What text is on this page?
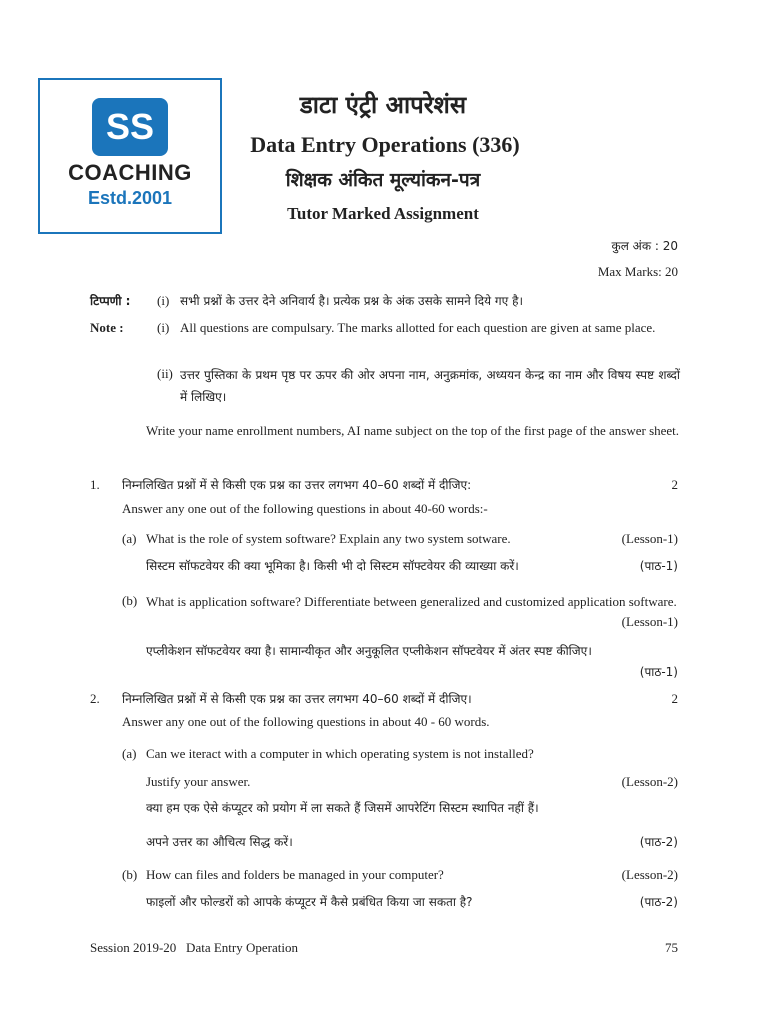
SS
COACHING
Estd.2001
डाटा एंट्री आपरेशंस
Data Entry Operations (336)
शिक्षक अंकित मूल्यांकन-पत्र
Tutor Marked Assignment
कुल अंक : 20
Max Marks: 20
टिप्पणी : (i) सभी प्रश्नों के उत्तर देने अनिवार्य है। प्रत्येक प्रश्न के अंक उसके सामने दिये गए है।
Note :	(i) All questions are compulsary. The marks allotted for each question are given at same place.
(ii) उत्तर पुस्तिका के प्रथम पृष्ठ पर ऊपर की ओर अपना नाम, अनुक्रमांक, अध्ययन केन्द्र का नाम और विषय स्पष्ट शब्दों में लिखिए।
Write your name enrollment numbers, AI name subject on the top of the first page of the answer sheet.
1. निम्नलिखित प्रश्नों में से किसी एक प्रश्न का उत्तर लगभग 40–60 शब्दों में दीजिए:	2
Answer any one out of the following questions in about 40-60 words:-
(a) What is the role of system software? Explain any two system sotware.	(Lesson-1)
सिस्टम सॉफटवेयर की क्या भूमिका है। किसी भी दो सिस्टम सॉफ्टवेयर की व्याख्या करें।	(पाठ-1)
(b) What is application software? Differentiate between generalized and customized application software.
(Lesson-1)
एप्लीकेशन सॉफटवेयर क्या है। सामान्यीकृत और अनुकूलित एप्लीकेशन सॉफ्टवेयर में अंतर स्पष्ट कीजिए।
(पाठ-1)
2. निम्नलिखित प्रश्नों में से किसी एक प्रश्न का उत्तर लगभग 40–60 शब्दों में दीजिए।	2
Answer any one out of the following questions in about 40 - 60 words.
(a) Can we iteract with a computer in which operating system is not installed?
Justify your answer.	(Lesson-2)
क्या हम एक ऐसे कंप्यूटर को प्रयोग में ला सकते हैं जिसमें आपरेटिंग सिस्टम स्थापित नहीं हैं।
अपने उत्तर का औचित्य सिद्ध करें।	(पाठ-2)
(b) How can files and folders be managed in your computer?	(Lesson-2)
फाइलों और फोल्डरों को आपके कंप्यूटर में कैसे प्रबंधित किया जा सकता है?	(पाठ-2)
Session 2019-20   Data Entry Operation	75
